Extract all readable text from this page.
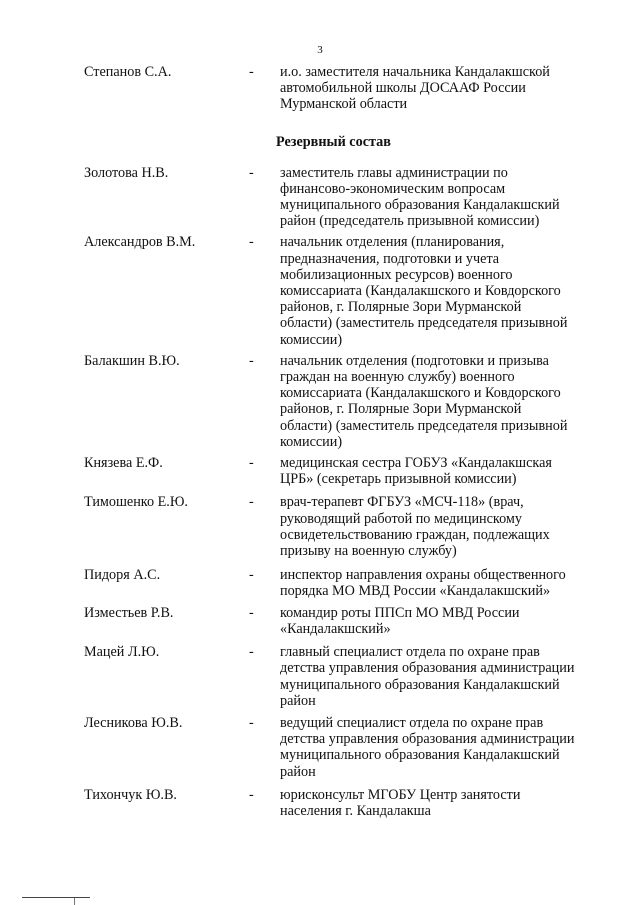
3
Степанов С.А.	-	и.о. заместителя начальника Кандалакшской
автомобильной школы ДОСААФ России
Мурманской области
Резервный состав
Золотова Н.В.	-	заместитель главы администрации по
финансово-экономическим вопросам
муниципального образования Кандалакшский
район (председатель призывной комиссии)
Александров В.М.	-	начальник отделения (планирования,
предназначения, подготовки и учета
мобилизационных ресурсов) военного
комиссариата (Кандалакшского и Ковдорского
районов, г. Полярные Зори Мурманской
области) (заместитель председателя призывной
комиссии)
Балакшин В.Ю.	-	начальник отделения (подготовки и призыва
граждан на военную службу) военного
комиссариата (Кандалакшского и Ковдорского
районов, г. Полярные Зори Мурманской
области) (заместитель председателя призывной
комиссии)
Князева Е.Ф.	-	медицинская сестра ГОБУЗ «Кандалакшская
ЦРБ» (секретарь призывной комиссии)
Тимошенко Е.Ю.	-	врач-терапевт ФГБУЗ «МСЧ-118» (врач,
руководящий работой по медицинскому
освидетельствованию граждан, подлежащих
призыву на военную службу)
Пидоря А.С.	-	инспектор направления охраны общественного
порядка МО МВД России «Кандалакшский»
Изместьев Р.В.	-	командир роты ППСп МО МВД России
«Кандалакшский»
Мацей Л.Ю.	-	главный специалист отдела по охране прав
детства управления образования администрации
муниципального образования Кандалакшский
район
Лесникова Ю.В.	-	ведущий специалист отдела по охране прав
детства управления образования администрации
муниципального образования Кандалакшский
район
Тихончук Ю.В.	-	юрисконсульт МГОБУ Центр занятости
населения г. Кандалакша
